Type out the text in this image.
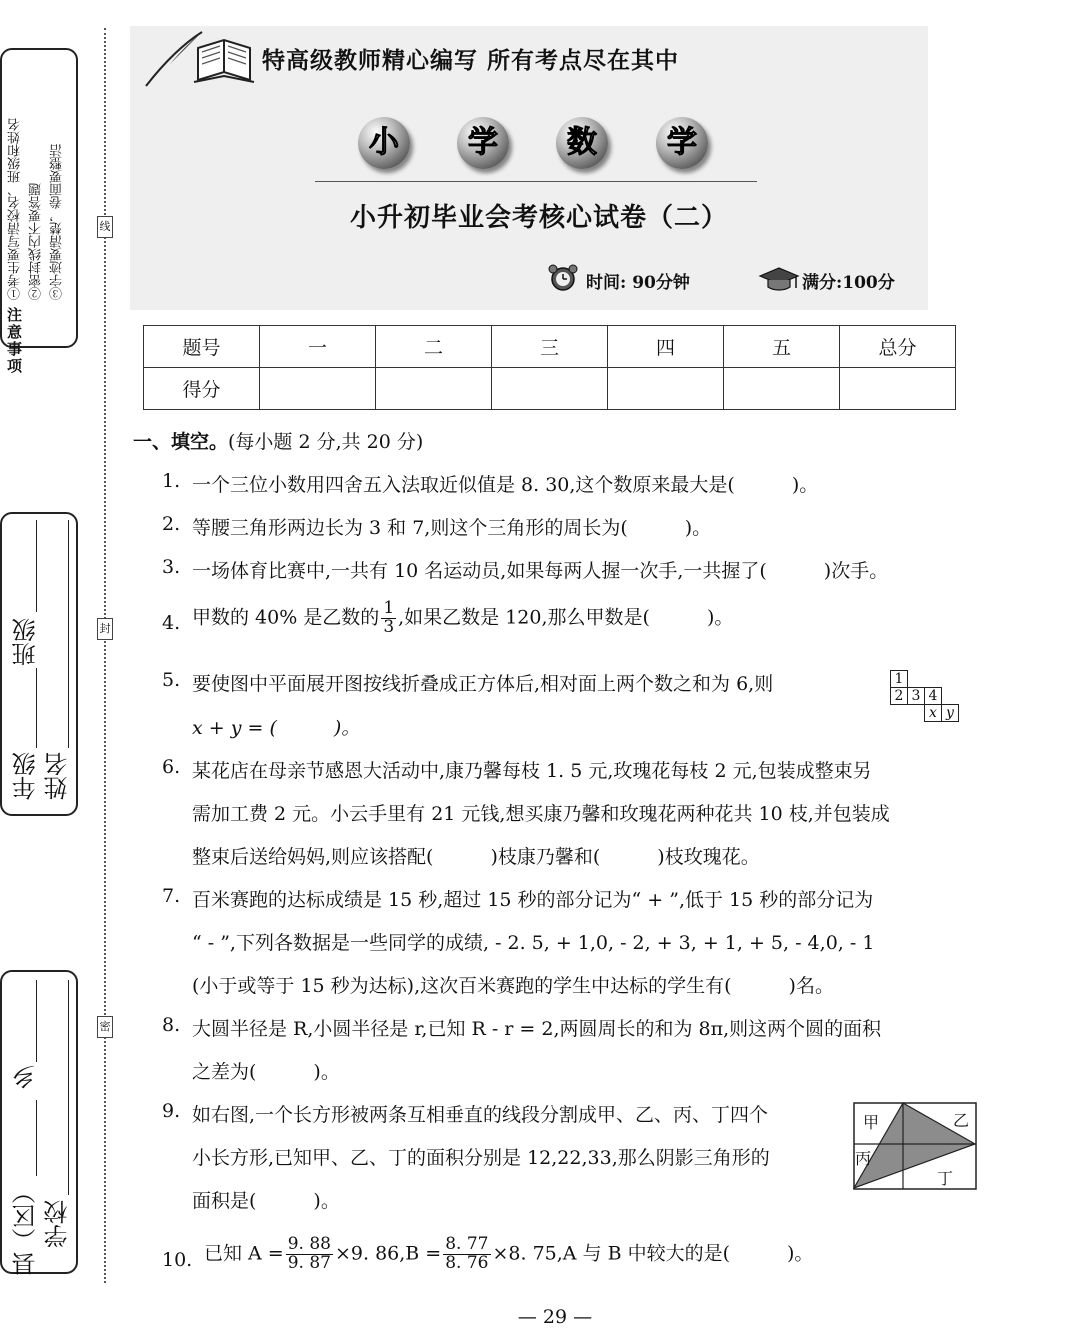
注意事项
①考生要写清校名、班级和姓名 ②密封线内不要答题 ③字迹要清楚，卷面要整洁
班级
年级 姓名
乡
县（区） 学校
线
封
密
特高级教师精心编写 所有考点尽在其中
小	学	数	学
小升初毕业会考核心试卷（二）
时间: 90分钟	满分:100分
题号	一	二	三	四	五	总分
得分						
一、填空。(每小题 2 分,共 20 分)
1. 一个三位小数用四舍五入法取近似值是 8. 30,这个数原来最大是(　　　)。
2. 等腰三角形两边长为 3 和 7,则这个三角形的周长为(　　　)。
3. 一场体育比赛中,一共有 10 名运动员,如果每两人握一次手,一共握了(　　　)次手。
4. 甲数的 40% 是乙数的 $\frac{1}{3}$ ,如果乙数是 120,那么甲数是(　　　)。
5. 要使图中平面展开图按线折叠成正方体后,相对面上两个数之和为 6,则
x + y = (　　　)。
1				
2	3	4		
		x	y	
6. 某花店在母亲节感恩大活动中,康乃馨每枝 1. 5 元,玫瑰花每枝 2 元,包装成整束另
需加工费 2 元。小云手里有 21 元钱,想买康乃馨和玫瑰花两种花共 10 枝,并包装成
整束后送给妈妈,则应该搭配(　　　)枝康乃馨和(　　　)枝玫瑰花。
7. 百米赛跑的达标成绩是 15 秒,超过 15 秒的部分记为“ + ”,低于 15 秒的部分记为
“ - ”,下列各数据是一些同学的成绩, - 2. 5, + 1,0, - 2, + 3, + 1, + 5, - 4,0, - 1
(小于或等于 15 秒为达标),这次百米赛跑的学生中达标的学生有(　　　)名。
8. 大圆半径是 R,小圆半径是 r,已知 R - r = 2,两圆周长的和为 8π,则这两个圆的面积
之差为(　　　)。
9. 如右图,一个长方形被两条互相垂直的线段分割成甲、乙、丙、丁四个
小长方形,已知甲、乙、丁的面积分别是 12,22,33,那么阴影三角形的
面积是(　　　)。
甲	乙
丙
丁
10. 已知 $A = \frac{9. 88}{9. 87} \times 9$. $86,B = \frac{8. 77}{8. 76} \times 8$. 75,A 与 B 中较大的是(　　　)。
— 29 —
